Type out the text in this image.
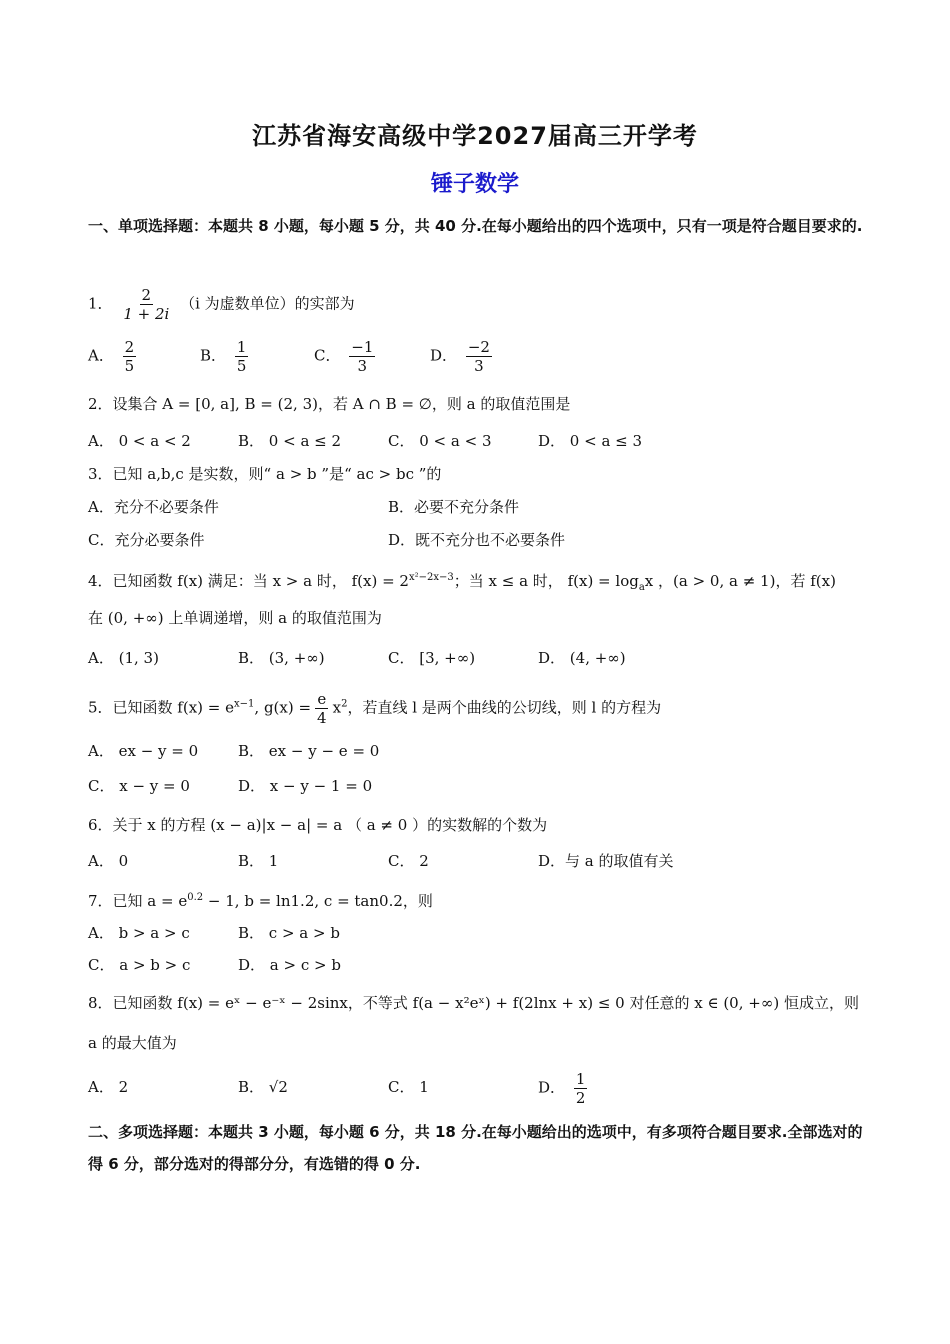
江苏省海安高级中学2027届高三开学考
锤子数学
一、单项选择题：本题共 8 小题，每小题 5 分，共 40 分.在每小题给出的四个选项中，只有一项是符合题目要求的.
1． $\frac{2}{1 + 2i} (i$ 为虚数单位）的实部为
A． $\frac{2}{5}$	B． $\frac{1}{5}$	C． $\frac{-1}{3}$	D． $\frac{-2}{3}$
2．设集合 A = [0, a], B = (2, 3)，若 A ∩ B = ∅，则 a 的取值范围是
A． 0 < a < 2	B． 0 < a ≤ 2	C． 0 < a < 3	D． 0 < a ≤ 3
3．已知 a,b,c 是实数，则“ a > b ”是“ ac > bc ”的
A．充分不必要条件	B．必要不充分条件
C．充分必要条件	D．既不充分也不必要条件
4．已知函数 f(x) 满足：当 x > a 时， $f(x) = 2^{x^2-2x-3}$；当 x ≤ a 时， $f(x) = \log_ax$ ，(a > 0, a ≠ 1)，若 f(x)
在 (0, +∞) 上单调递增，则 a 的取值范围为
A． (1, 3)	B． (3, +∞)	C． [3, +∞)	D． (4, +∞)
5．已知函数 $f(x) = e^{x-1}$, $g(x) = \frac{e}{4} x^2$，若直线 l 是两个曲线的公切线，则 l 的方程为
A． ex − y = 0	B． ex − y − e = 0
C． x − y = 0	D． x − y − 1 = 0
6．关于 x 的方程 (x − a)|x − a| = a （ a ≠ 0 ）的实数解的个数为
A． 0	B． 1	C． 2	D．与 a 的取值有关
7．已知 $a = e^{0.2} - 1$, b = ln1.2, c = tan0.2，则
A． b > a > c	B． c > a > b
C． a > b > c	D． a > c > b
8．已知函数 f(x) = eˣ − e⁻ˣ − 2sinx，不等式 f(a − x²eˣ) + f(2lnx + x) ≤ 0 对任意的 x ∈ (0, +∞) 恒成立，则 a 的最大值为
A． 2	B． √2	C． 1	D． $\frac{1}{2}$
二、多项选择题：本题共 3 小题，每小题 6 分，共 18 分.在每小题给出的选项中，有多项符合题目要求.全部选对的得 6 分，部分选对的得部分分，有选错的得 0 分.
